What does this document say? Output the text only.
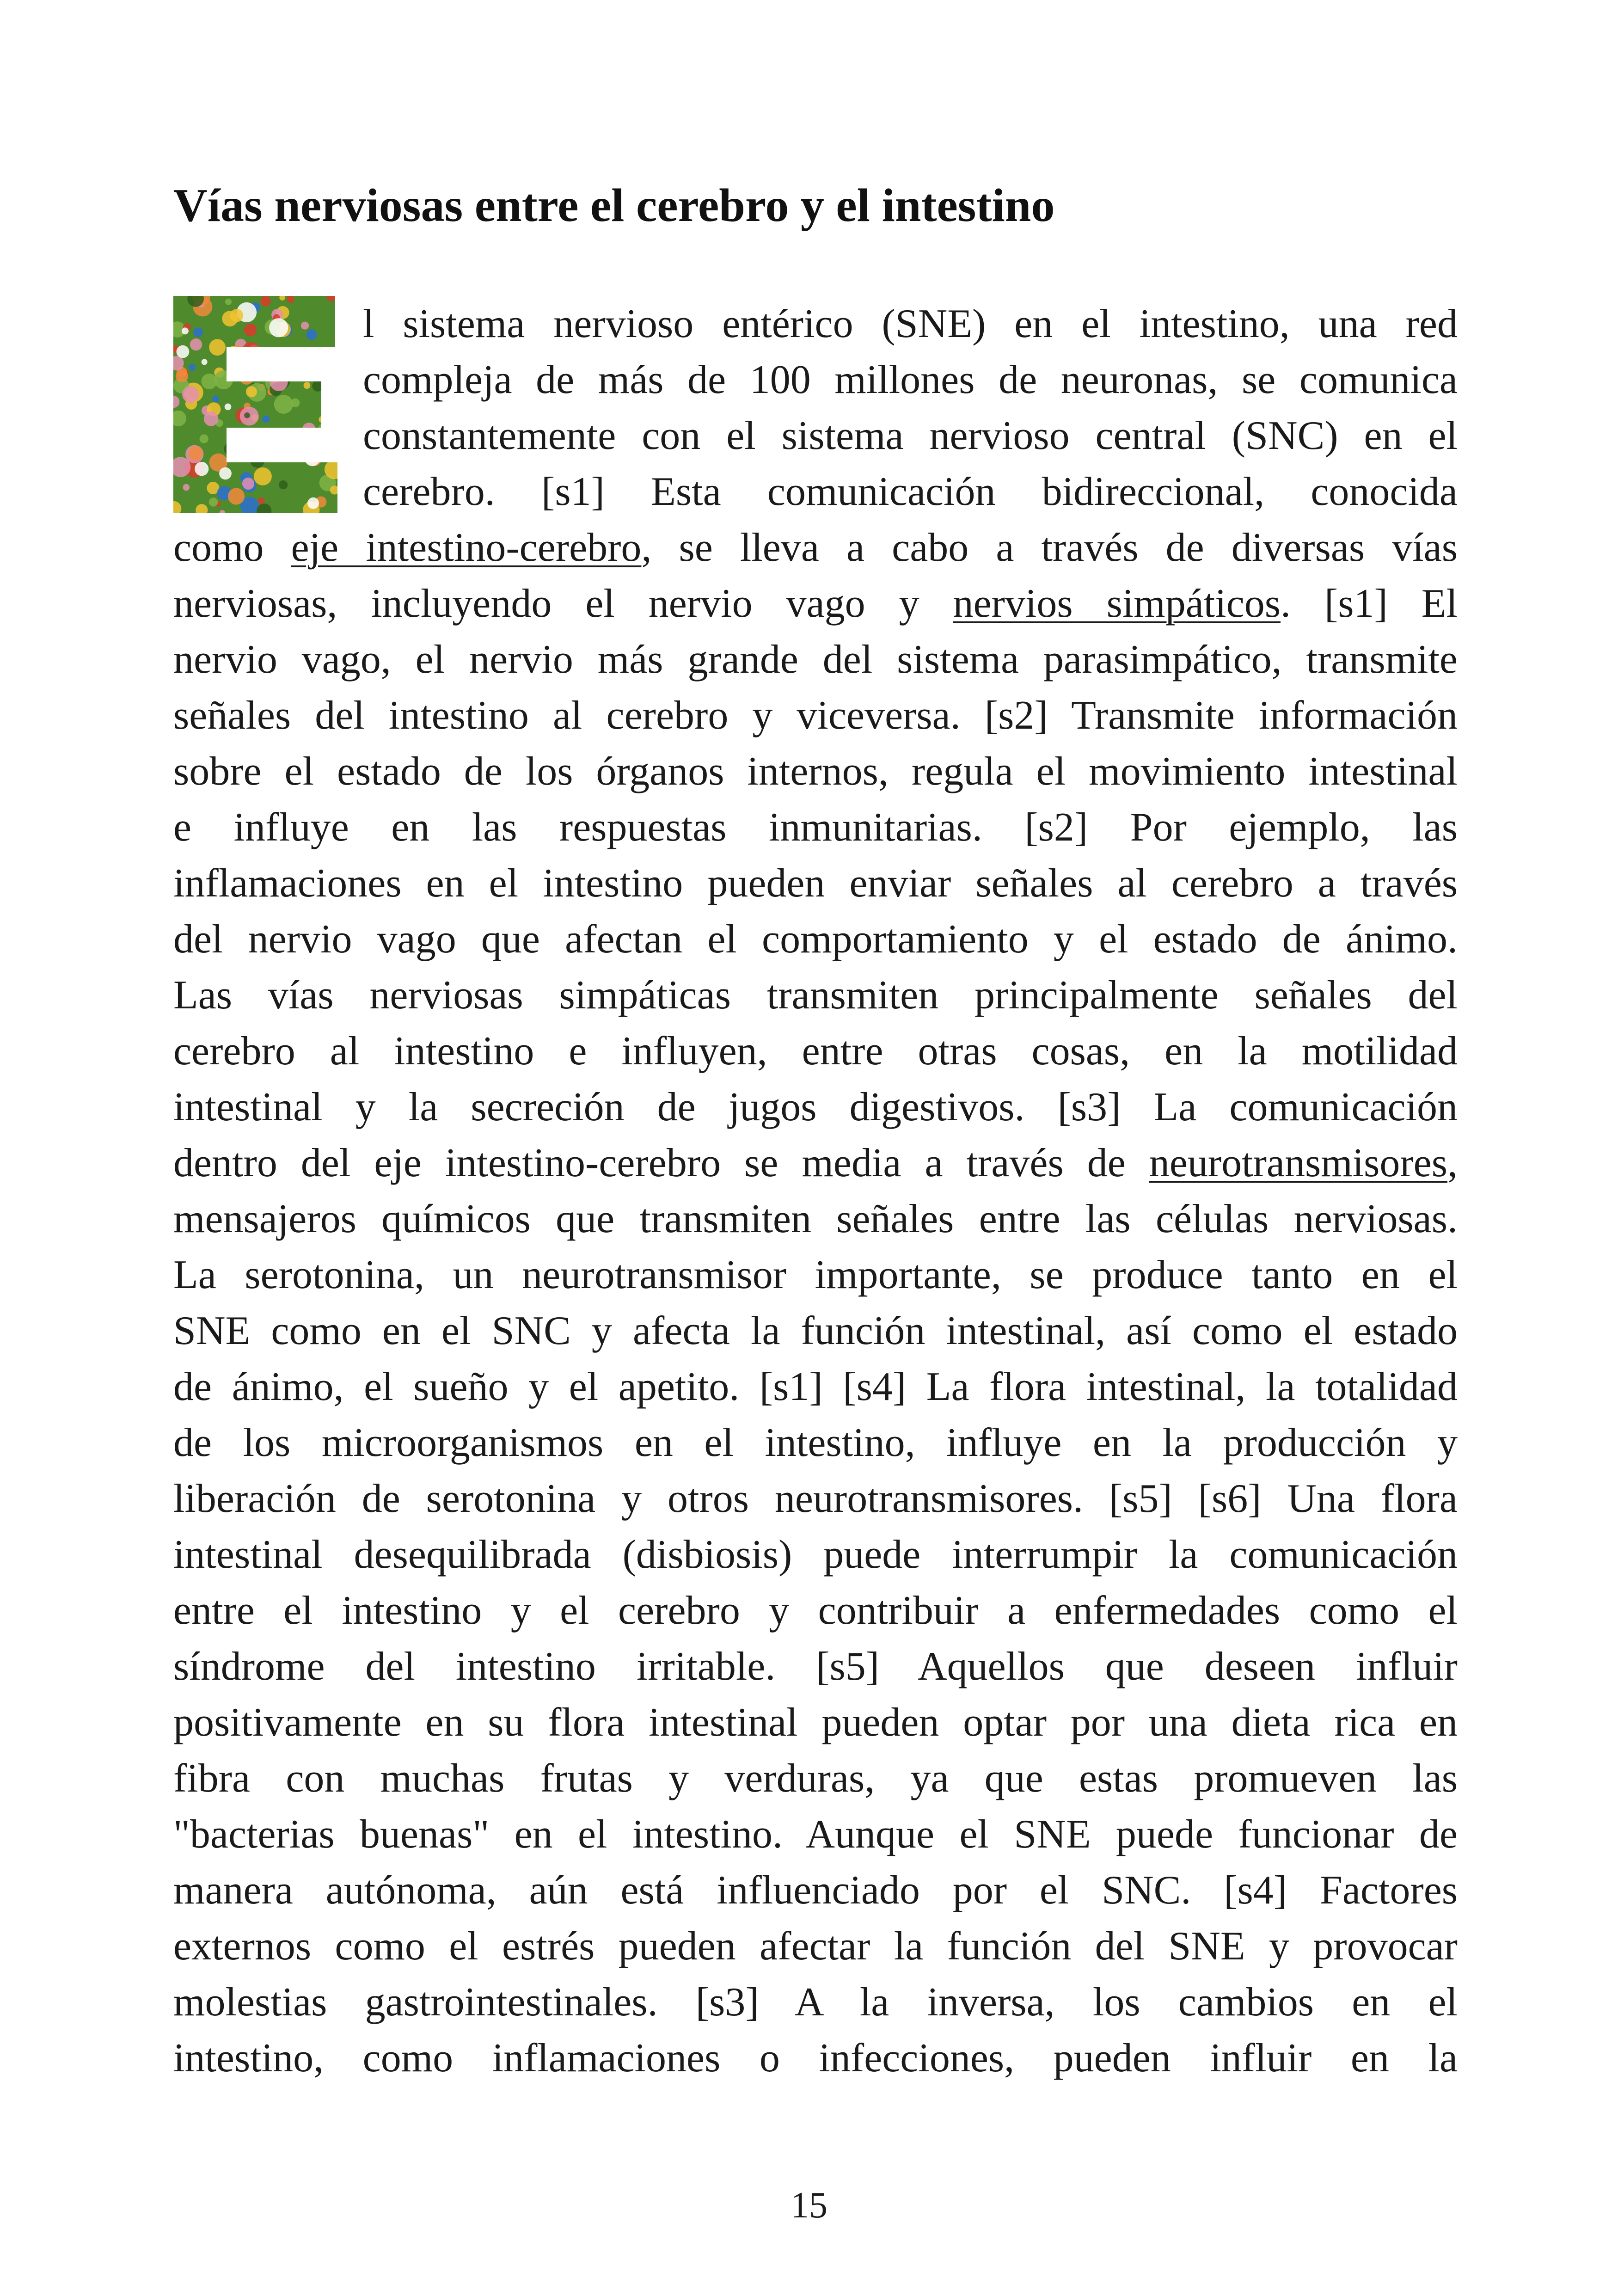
Vías nerviosas entre el cerebro y el intestino
l sistema nervioso entérico (SNE) en el intestino, una red
compleja de más de 100 millones de neuronas, se comunica
constantemente con el sistema nervioso central (SNC) en el
cerebro. [s1] Esta comunicación bidireccional, conocida
como eje intestino-cerebro, se lleva a cabo a través de diversas vías
nerviosas, incluyendo el nervio vago y nervios simpáticos. [s1] El
nervio vago, el nervio más grande del sistema parasimpático, transmite
señales del intestino al cerebro y viceversa. [s2] Transmite información
sobre el estado de los órganos internos, regula el movimiento intestinal
e influye en las respuestas inmunitarias. [s2] Por ejemplo, las
inflamaciones en el intestino pueden enviar señales al cerebro a través
del nervio vago que afectan el comportamiento y el estado de ánimo.
Las vías nerviosas simpáticas transmiten principalmente señales del
cerebro al intestino e influyen, entre otras cosas, en la motilidad
intestinal y la secreción de jugos digestivos. [s3] La comunicación
dentro del eje intestino-cerebro se media a través de neurotransmisores,
mensajeros químicos que transmiten señales entre las células nerviosas.
La serotonina, un neurotransmisor importante, se produce tanto en el
SNE como en el SNC y afecta la función intestinal, así como el estado
de ánimo, el sueño y el apetito. [s1] [s4] La flora intestinal, la totalidad
de los microorganismos en el intestino, influye en la producción y
liberación de serotonina y otros neurotransmisores. [s5] [s6] Una flora
intestinal desequilibrada (disbiosis) puede interrumpir la comunicación
entre el intestino y el cerebro y contribuir a enfermedades como el
síndrome del intestino irritable. [s5] Aquellos que deseen influir
positivamente en su flora intestinal pueden optar por una dieta rica en
fibra con muchas frutas y verduras, ya que estas promueven las
"bacterias buenas" en el intestino. Aunque el SNE puede funcionar de
manera autónoma, aún está influenciado por el SNC. [s4] Factores
externos como el estrés pueden afectar la función del SNE y provocar
molestias gastrointestinales. [s3] A la inversa, los cambios en el
intestino, como inflamaciones o infecciones, pueden influir en la
15
